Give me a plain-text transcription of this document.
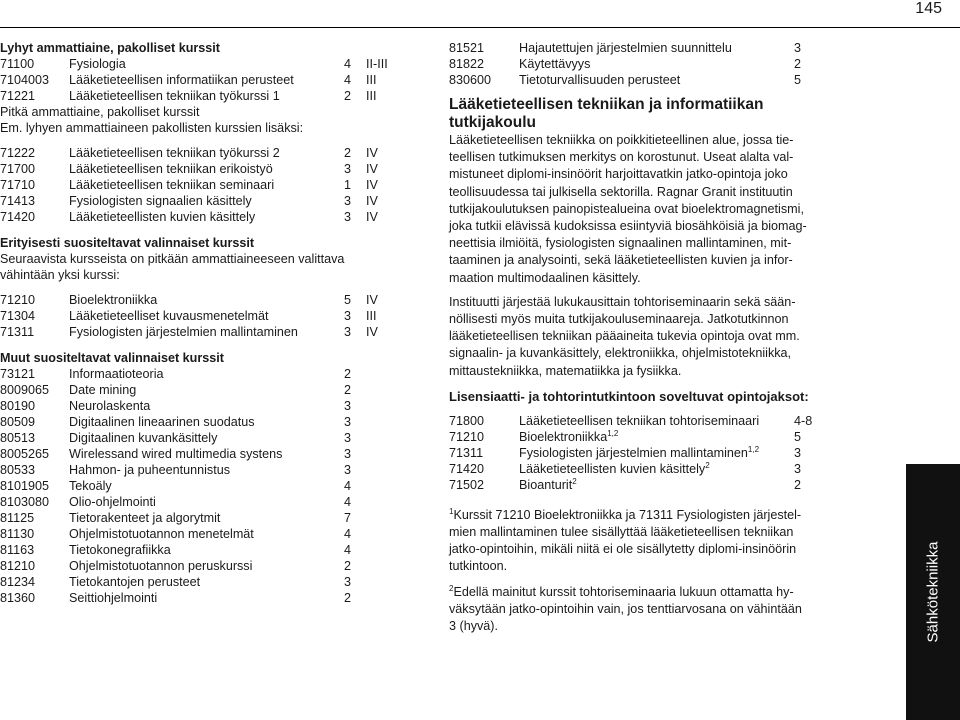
145
Lyhyt ammattiaine, pakolliset kurssit
71100	Fysiologia	4	II-III
7104003	Lääketieteellisen informatiikan perusteet	4	III
71221	Lääketieteellisen tekniikan työkurssi 1	2	III
Pitkä ammattiaine, pakolliset kurssit
Em. lyhyen ammattiaineen pakollisten kurssien lisäksi:
71222	Lääketieteellisen tekniikan työkurssi 2	2	IV
71700	Lääketieteellisen tekniikan erikoistyö	3	IV
71710	Lääketieteellisen tekniikan seminaari	1	IV
71413	Fysiologisten signaalien käsittely	3	IV
71420	Lääketieteellisten kuvien käsittely	3	IV
Erityisesti suositeltavat valinnaiset kurssit
Seuraavista kursseista on pitkään ammattiaineeseen valittava
vähintään yksi kurssi:
71210	Bioelektroniikka	5	IV
71304	Lääketieteelliset kuvausmenetelmät	3	III
71311	Fysiologisten järjestelmien mallintaminen	3	IV
Muut suositeltavat valinnaiset kurssit
73121	Informaatioteoria	2
8009065	Date mining	2
80190	Neurolaskenta	3
80509	Digitaalinen lineaarinen suodatus	3
80513	Digitaalinen kuvankäsittely	3
8005265	Wirelessand wired multimedia systens	3
80533	Hahmon- ja puheentunnistus	3
8101905	Tekoäly	4
8103080	Olio-ohjelmointi	4
81125	Tietorakenteet ja algorytmit	7
81130	Ohjelmistotuotannon menetelmät	4
81163	Tietokonegrafiikka	4
81210	Ohjelmistotuotannon peruskurssi	2
81234	Tietokantojen perusteet	3
81360	Seittiohjelmointi	2
81521	Hajautettujen järjestelmien suunnittelu	3
81822	Käytettävyys	2
830600	Tietoturvallisuuden perusteet	5
Lääketieteellisen tekniikan ja informatiikan
tutkijakoulu
Lääketieteellisen tekniikka on poikkitieteellinen alue, jossa tie-
teellisen tutkimuksen merkitys on korostunut. Useat alalta val-
mistuneet diplomi-insinöörit harjoittavatkin jatko-opintoja joko
teollisuudessa tai julkisella sektorilla. Ragnar Granit instituutin
tutkijakoulutuksen painopistealueina ovat bioelektromagnetismi,
joka tutkii elävissä kudoksissa esiintyviä biosähköisiä ja biomag-
neettisia ilmiöitä, fysiologisten signaalinen mallintaminen, mit-
taaminen ja analysointi, sekä lääketieteellisten kuvien ja infor-
maation multimodaalinen käsittely.
Instituutti järjestää lukukausittain tohtoriseminaarin sekä sään-
nöllisesti myös muita tutkijakouluseminaareja. Jatkotutkinnon
lääketieteellisen tekniikan pääaineita tukevia opintoja ovat mm.
signaalin- ja kuvankäsittely, elektroniikka, ohjelmistotekniikka,
mittaustekniikka, matematiikka ja fysiikka.
Lisensiaatti- ja tohtorintutkintoon soveltuvat opintojaksot:
71800	Lääketieteellisen tekniikan tohtoriseminaari	4-8
71210	Bioelektroniikka$^{1,2}$	5
71311	Fysiologisten järjestelmien mallintaminen$^{1,2}$	3
71420	Lääketieteellisten kuvien käsittely$^2$	3
71502	Bioanturit$^2$	2
$^1$Kurssit 71210 Bioelektroniikka ja 71311 Fysiologisten järjestel-
mien mallintaminen tulee sisällyttää lääketieteellisen tekniikan
jatko-opintoihin, mikäli niitä ei ole sisällytetty diplomi-insinöörin
tutkintoon.
$^2$Edellä mainitut kurssit tohtoriseminaaria lukuun ottamatta hy-
väksytään jatko-opintoihin vain, jos tenttiarvosana on vähintään
3 (hyvä).	Sähkötekniikka
